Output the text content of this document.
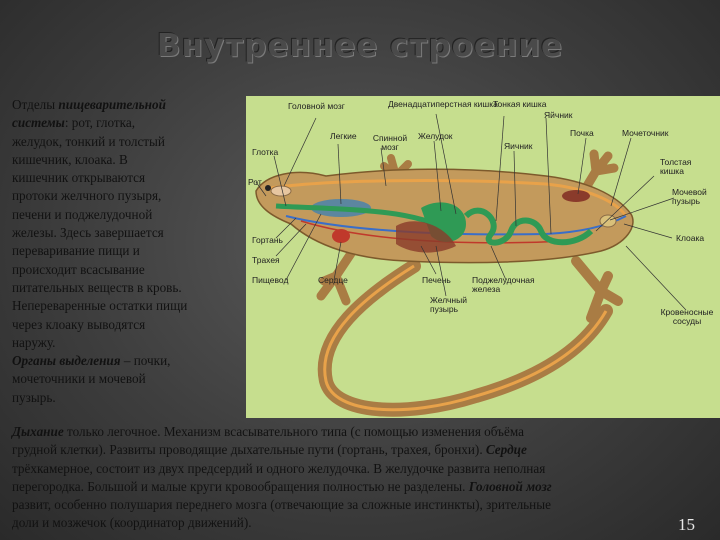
Внутреннее строение
Головной мозг	Двенадцатиперстная кишка
Тонкая кишка
Яйчник
Легкие Спинной мозг
Желудок	Почка	Мочеточник
Глотка
Яичник
Толстая кишка
Рот
Мочевой пузырь
Гортань	Клоака
Трахея
Пищевод	Сердце	Печень Поджелудочная железа
Желчный пузырь	Кровеносные сосуды
Отделы пищеварительной
системы: рот, глотка,
желудок, тонкий и толстый
кишечник, клоака. В
кишечник открываются
протоки желчного пузыря,
печени и поджелудочной
железы. Здесь завершается
переваривание пищи и
происходит всасывание
питательных веществ в кровь.
Непереваренные остатки пищи
через клоаку выводятся
наружу.
Органы выделения – почки,
мочеточники и мочевой
пузырь.
Дыхание только легочное. Механизм всасывательного типа (с помощью изменения объёма
грудной клетки). Развиты проводящие дыхательные пути (гортань, трахея, бронхи). Сердце
трёхкамерное, состоит из двух предсердий и одного желудочка. В желудочке развита неполная
перегородка. Большой и малые круги кровообращения полностью не разделены. Головной мозг
развит, особенно полушария переднего мозга (отвечающие за сложные инстинкты), зрительные
доли и мозжечок (координатор движений).	15
